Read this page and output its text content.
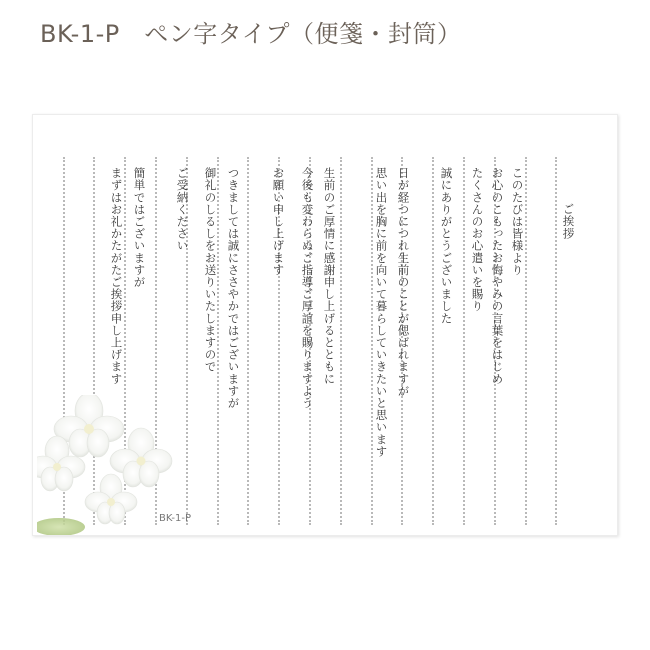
BK-1-P　ペン字タイプ（便箋・封筒）
ご挨拶
このたびは皆様より
お心のこもったお悔やみの言葉をはじめ
たくさんのお心遣いを賜り
誠にありがとうございました
日が経つにつれ生前のことが偲ばれますが
思い出を胸に前を向いて暮らしていきたいと思います
生前のご厚情に感謝申し上げるとともに
今後も変わらぬご指導ご厚誼を賜りますよう
お願い申し上げます
つきましては誠にささやかではございますが
御礼のしるしをお送りいたしますので
ご受納ください
簡単ではございますが
まずはお礼かたがたご挨拶申し上げます
BK-1-P
